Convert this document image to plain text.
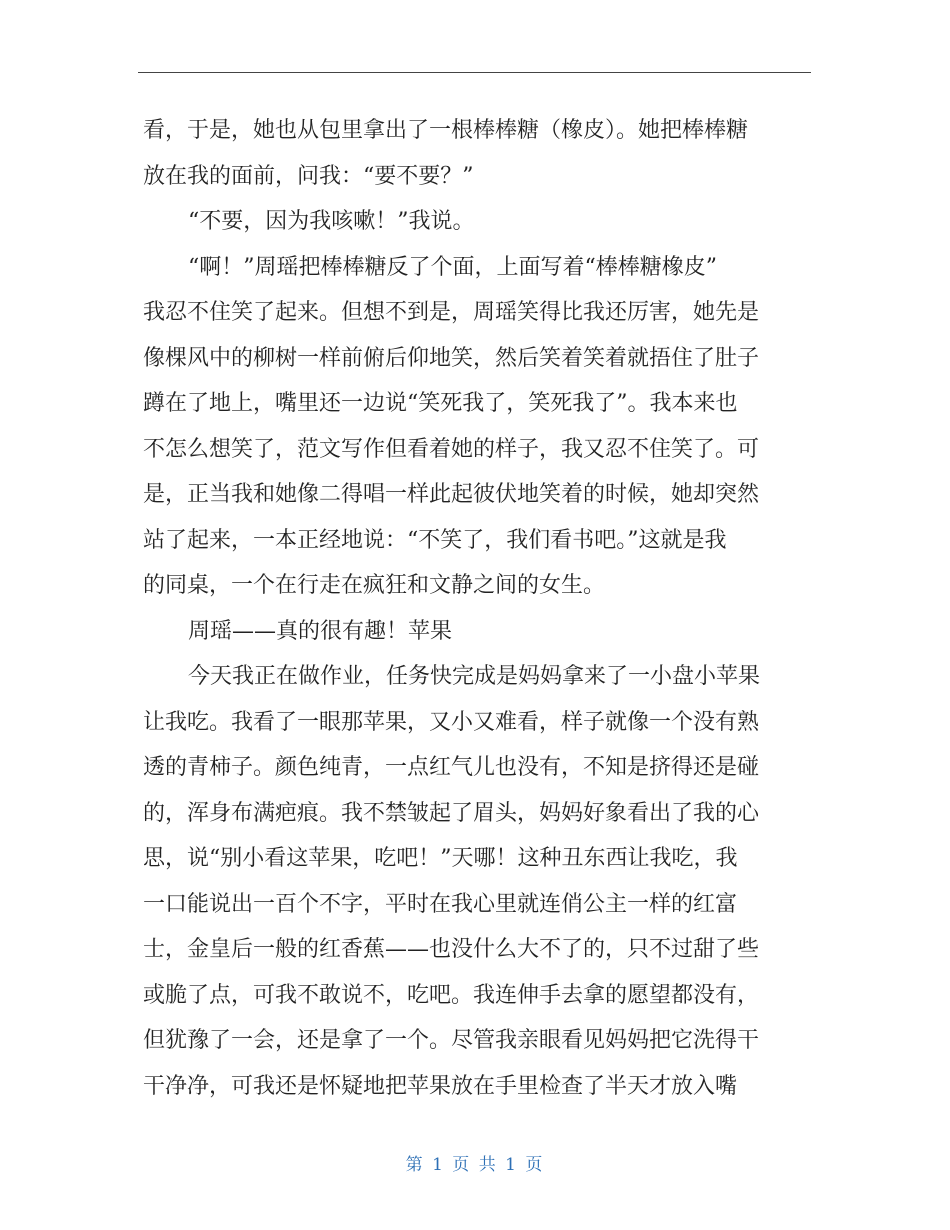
看，于是，她也从包里拿出了一根棒棒糖（橡皮）。她把棒棒糖
放在我的面前，问我：“要不要？”
“不要，因为我咳嗽！”我说。
“啊！”周瑶把棒棒糖反了个面，上面写着“棒棒糖橡皮”
我忍不住笑了起来。但想不到是，周瑶笑得比我还厉害，她先是
像棵风中的柳树一样前俯后仰地笑，然后笑着笑着就捂住了肚子
蹲在了地上，嘴里还一边说“笑死我了，笑死我了”。我本来也
不怎么想笑了，范文写作但看着她的样子，我又忍不住笑了。可
是，正当我和她像二得唱一样此起彼伏地笑着的时候，她却突然
站了起来，一本正经地说：“不笑了，我们看书吧。”这就是我
的同桌，一个在行走在疯狂和文静之间的女生。
周瑶——真的很有趣！苹果
今天我正在做作业，任务快完成是妈妈拿来了一小盘小苹果
让我吃。我看了一眼那苹果，又小又难看，样子就像一个没有熟
透的青柿子。颜色纯青，一点红气儿也没有，不知是挤得还是碰
的，浑身布满疤痕。我不禁皱起了眉头，妈妈好象看出了我的心
思，说“别小看这苹果，吃吧！”天哪！这种丑东西让我吃，我
一口能说出一百个不字，平时在我心里就连俏公主一样的红富
士，金皇后一般的红香蕉——也没什么大不了的，只不过甜了些
或脆了点，可我不敢说不，吃吧。我连伸手去拿的愿望都没有，
但犹豫了一会，还是拿了一个。尽管我亲眼看见妈妈把它洗得干
干净净，可我还是怀疑地把苹果放在手里检查了半天才放入嘴
第 1 页 共 1 页
